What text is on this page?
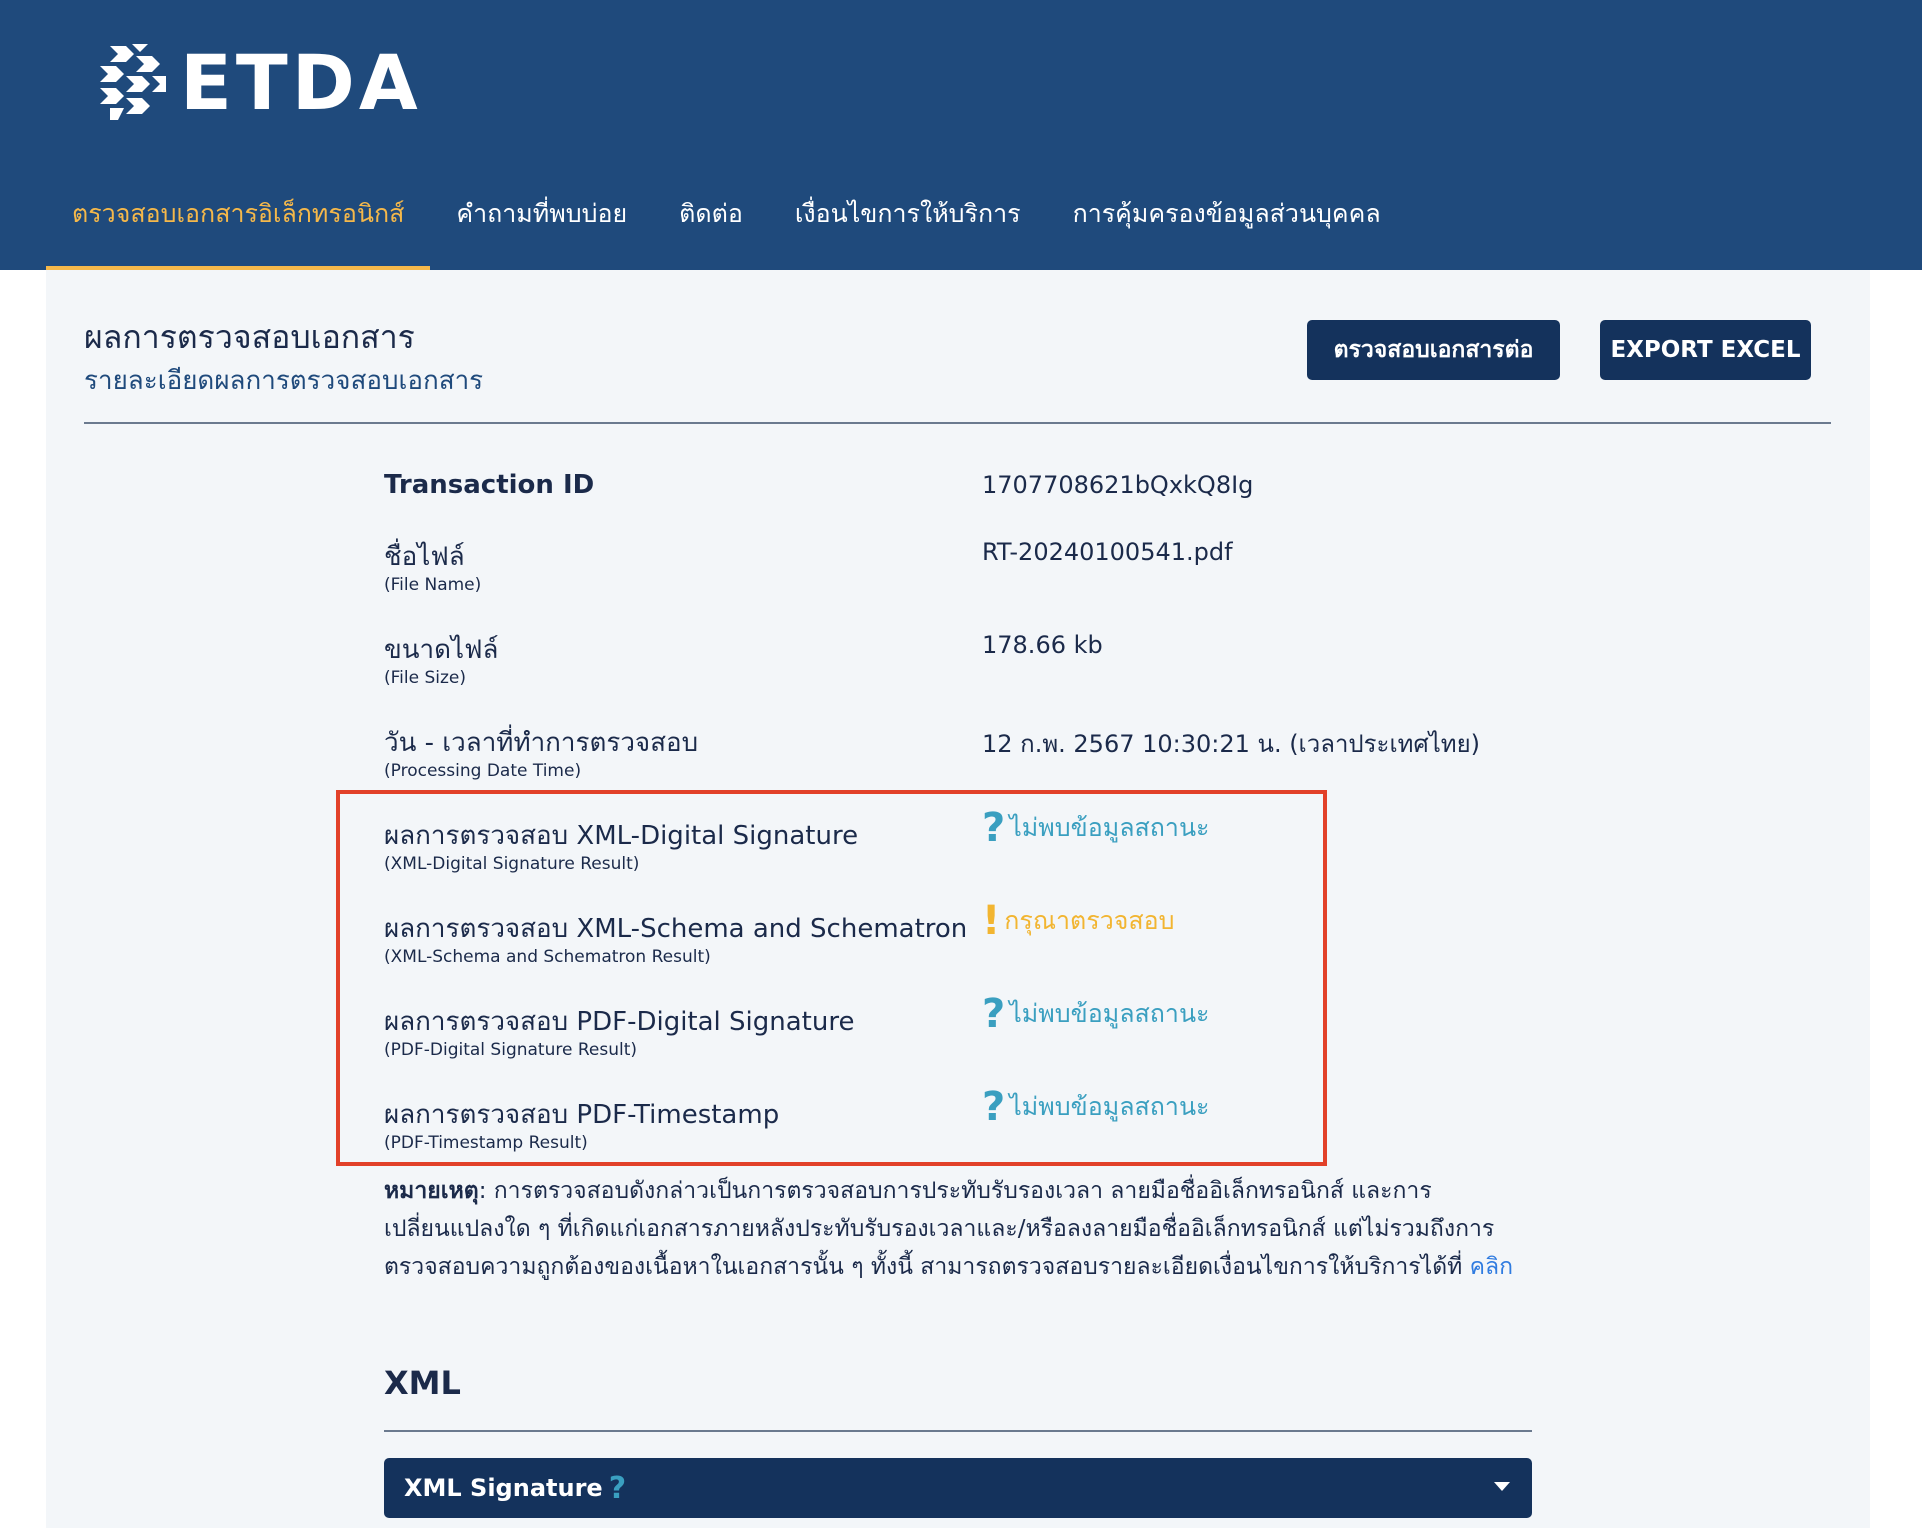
ETDA
ตรวจสอบเอกสารอิเล็กทรอนิกส์	คำถามที่พบบ่อย	ติดต่อ	เงื่อนไขการให้บริการ	การคุ้มครองข้อมูลส่วนบุคคล
ผลการตรวจสอบเอกสาร
รายละเอียดผลการตรวจสอบเอกสาร
ตรวจสอบเอกสารต่อ	EXPORT EXCEL
Transaction ID	1707708621bQxkQ8Ig
ชื่อไฟล์
(File Name)
RT-20240100541.pdf
ขนาดไฟล์
(File Size)
178.66 kb
วัน - เวลาที่ทำการตรวจสอบ
(Processing Date Time)
12 ก.พ. 2567 10:30:21 น. (เวลาประเทศไทย)
ผลการตรวจสอบ XML-Digital Signature
(XML-Digital Signature Result)
? ไม่พบข้อมูลสถานะ
ผลการตรวจสอบ XML-Schema and Schematron
(XML-Schema and Schematron Result)
! กรุณาตรวจสอบ
ผลการตรวจสอบ PDF-Digital Signature
(PDF-Digital Signature Result)
? ไม่พบข้อมูลสถานะ
ผลการตรวจสอบ PDF-Timestamp
(PDF-Timestamp Result)
? ไม่พบข้อมูลสถานะ
หมายเหตุ: การตรวจสอบดังกล่าวเป็นการตรวจสอบการประทับรับรองเวลา ลายมือชื่ออิเล็กทรอนิกส์ และการเปลี่ยนแปลงใด ๆ ที่เกิดแก่เอกสารภายหลังประทับรับรองเวลาและ/หรือลงลายมือชื่ออิเล็กทรอนิกส์ แต่ไม่รวมถึงการตรวจสอบความถูกต้องของเนื้อหาในเอกสารนั้น ๆ ทั้งนี้ สามารถตรวจสอบรายละเอียดเงื่อนไขการให้บริการได้ที่ คลิก
XML
XML Signature ?
